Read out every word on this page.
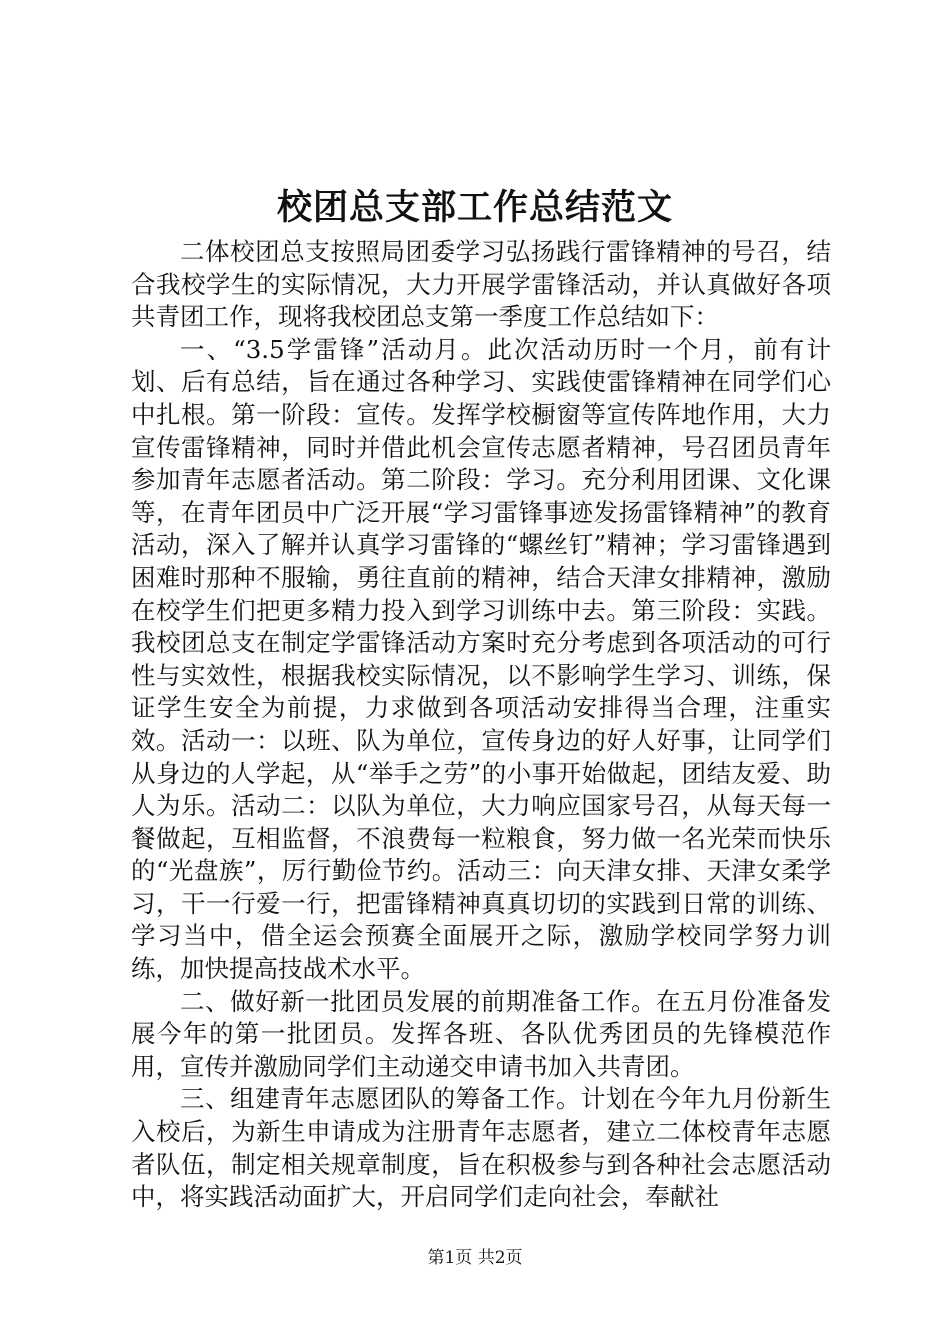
校团总支部工作总结范文

二体校团总支按照局团委学习弘扬践行雷锋精神的号召，结合我校学生的实际情况，大力开展学雷锋活动，并认真做好各项共青团工作，现将我校团总支第一季度工作总结如下：

一、“3.5学雷锋”活动月。此次活动历时一个月，前有计划、后有总结，旨在通过各种学习、实践使雷锋精神在同学们心中扎根。第一阶段：宣传。发挥学校橱窗等宣传阵地作用，大力宣传雷锋精神，同时并借此机会宣传志愿者精神，号召团员青年参加青年志愿者活动。第二阶段：学习。充分利用团课、文化课等，在青年团员中广泛开展“学习雷锋事迹发扬雷锋精神”的教育活动，深入了解并认真学习雷锋的“螺丝钉”精神；学习雷锋遇到困难时那种不服输，勇往直前的精神，结合天津女排精神，激励在校学生们把更多精力投入到学习训练中去。第三阶段：实践。我校团总支在制定学雷锋活动方案时充分考虑到各项活动的可行性与实效性，根据我校实际情况，以不影响学生学习、训练，保证学生安全为前提，力求做到各项活动安排得当合理，注重实效。活动一：以班、队为单位，宣传身边的好人好事，让同学们从身边的人学起，从“举手之劳”的小事开始做起，团结友爱、助人为乐。活动二：以队为单位，大力响应国家号召，从每天每一餐做起，互相监督，不浪费每一粒粮食，努力做一名光荣而快乐的“光盘族”，厉行勤俭节约。活动三：向天津女排、天津女柔学习，干一行爱一行，把雷锋精神真真切切的实践到日常的训练、学习当中，借全运会预赛全面展开之际，激励学校同学努力训练，加快提高技战术水平。

二、做好新一批团员发展的前期准备工作。在五月份准备发展今年的第一批团员。发挥各班、各队优秀团员的先锋模范作用，宣传并激励同学们主动递交申请书加入共青团。

三、组建青年志愿团队的筹备工作。计划在今年九月份新生入校后，为新生申请成为注册青年志愿者，建立二体校青年志愿者队伍，制定相关规章制度，旨在积极参与到各种社会志愿活动中，将实践活动面扩大，开启同学们走向社会，奉献社

第1页 共2页
